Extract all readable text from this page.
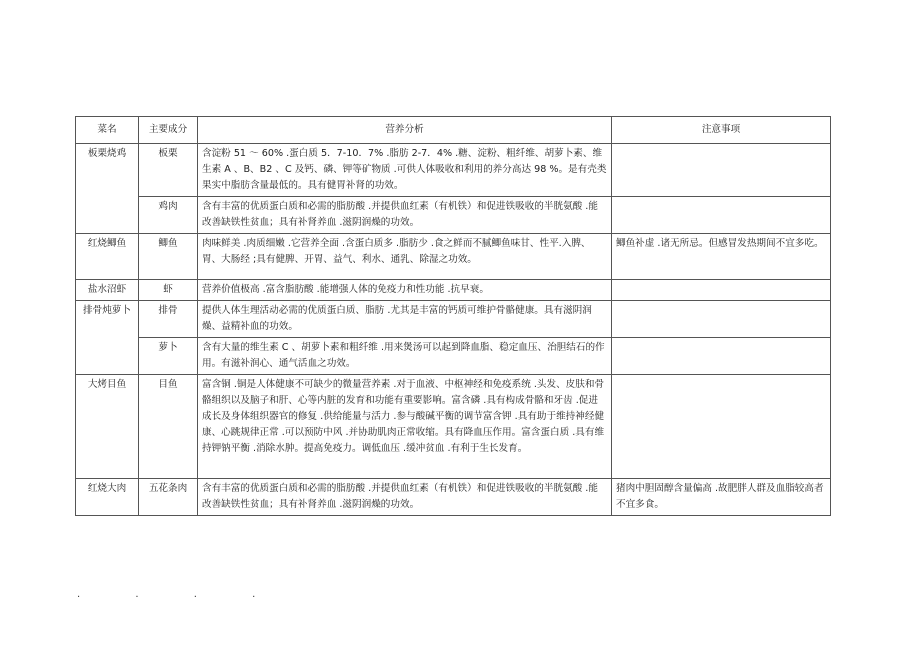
菜名	主要成分	营养分析	注意事项
板栗烧鸡	板栗	含淀粉 51 ～ 60% .蛋白质 5．7-10．7% .脂肪 2-7．4% .糖、淀粉、粗纤维、胡萝卜素、维生素 A 、B、B2 、C 及钙、磷、钾等矿物质 .可供人体吸收和利用的养分高达 98 %。是有壳类果实中脂肪含量最低的。具有健胃补肾的功效。	
	鸡肉	含有丰富的优质蛋白质和必需的脂肪酸 .并提供血红素（有机铁）和促进铁吸收的半胱氨酸 .能改善缺铁性贫血；具有补肾养血 .滋阴润燥的功效。	
红烧鲫鱼	鲫鱼	肉味鲜美 .肉质细嫩 .它营养全面 .含蛋白质多 .脂肪少 .食之鲜而不腻鲫鱼味甘、性平.入脾、胃、大肠经 ;具有健脾、开胃、益气、利水、通乳、除湿之功效。	鲫鱼补虚 .诸无所忌。但感冒发热期间不宜多吃。
盐水沼虾	虾	营养价值极高 .富含脂肪酸 .能增强人体的免疫力和性功能 .抗早衰。	
排骨炖萝卜	排骨	提供人体生理活动必需的优质蛋白质、脂肪 .尤其是丰富的钙质可维护骨骼健康。具有滋阴润燥、益精补血的功效。	
	萝卜	含有大量的维生素 C 、胡萝卜素和粗纤维 .用来煲汤可以起到降血脂、稳定血压、治胆结石的作用。有滋补润心、通气活血之功效。	
大烤目鱼	目鱼	富含铜 .铜是人体健康不可缺少的微量营养素 .对于血液、中枢神经和免疫系统 .头发、皮肤和骨骼组织以及脑子和肝、心等内脏的发育和功能有重要影响。富含磷 .具有构成骨骼和牙齿 .促进成长及身体组织器官的修复 .供给能量与活力 .参与酸碱平衡的调节富含钾 .具有助于维持神经健康、心跳规律正常 .可以预防中风 .并协助肌肉正常收缩。具有降血压作用。富含蛋白质 .具有维持钾钠平衡 .消除水肿。提高免疫力。调低血压 .缓冲贫血 .有利于生长发育。	
红烧大肉	五花条肉	含有丰富的优质蛋白质和必需的脂肪酸 .并提供血红素（有机铁）和促进铁吸收的半胱氨酸 .能改善缺铁性贫血；具有补肾养血 .滋阴润燥的功效。	猪肉中胆固醇含量偏高 .故肥胖人群及血脂较高者不宜多食。
. . . .
